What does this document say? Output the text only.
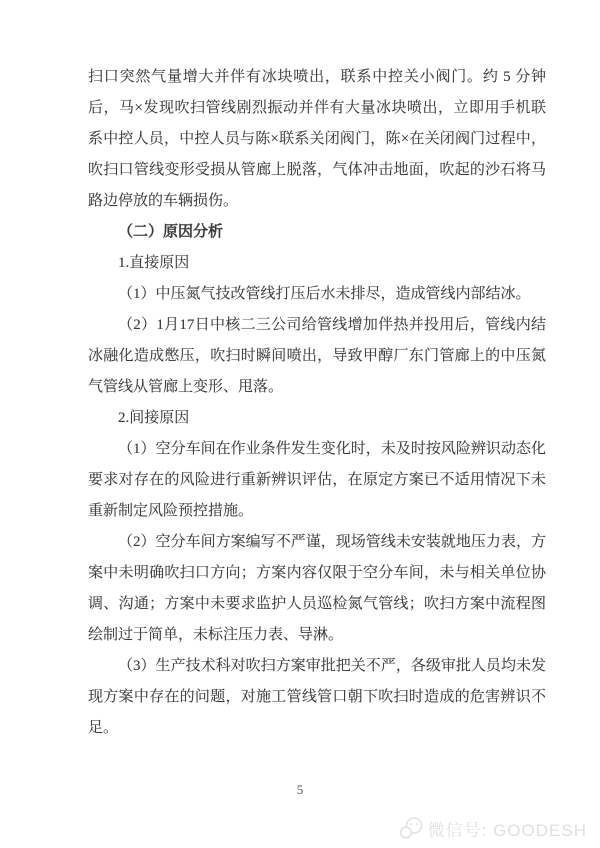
扫口突然气量增大并伴有冰块喷出，联系中控关小阀门。约 5 分钟后，马×发现吹扫管线剧烈振动并伴有大量冰块喷出，立即用手机联系中控人员，中控人员与陈×联系关闭阀门，陈×在关闭阀门过程中，吹扫口管线变形受损从管廊上脱落，气体冲击地面，吹起的沙石将马路边停放的车辆损伤。

（二）原因分析

1.直接原因

（1）中压氮气技改管线打压后水未排尽，造成管线内部结冰。

（2）1月17日中核二三公司给管线增加伴热并投用后，管线内结冰融化造成憋压，吹扫时瞬间喷出，导致甲醇厂东门管廊上的中压氮气管线从管廊上变形、甩落。

2.间接原因

（1）空分车间在作业条件发生变化时，未及时按风险辨识动态化要求对存在的风险进行重新辨识评估，在原定方案已不适用情况下未重新制定风险预控措施。

（2）空分车间方案编写不严谨，现场管线未安装就地压力表，方案中未明确吹扫口方向；方案内容仅限于空分车间，未与相关单位协调、沟通；方案中未要求监护人员巡检氮气管线；吹扫方案中流程图绘制过于简单，未标注压力表、导淋。

（3）生产技术科对吹扫方案审批把关不严，各级审批人员均未发现方案中存在的问题，对施工管线管口朝下吹扫时造成的危害辨识不足。

5
微信号: GOODESH
